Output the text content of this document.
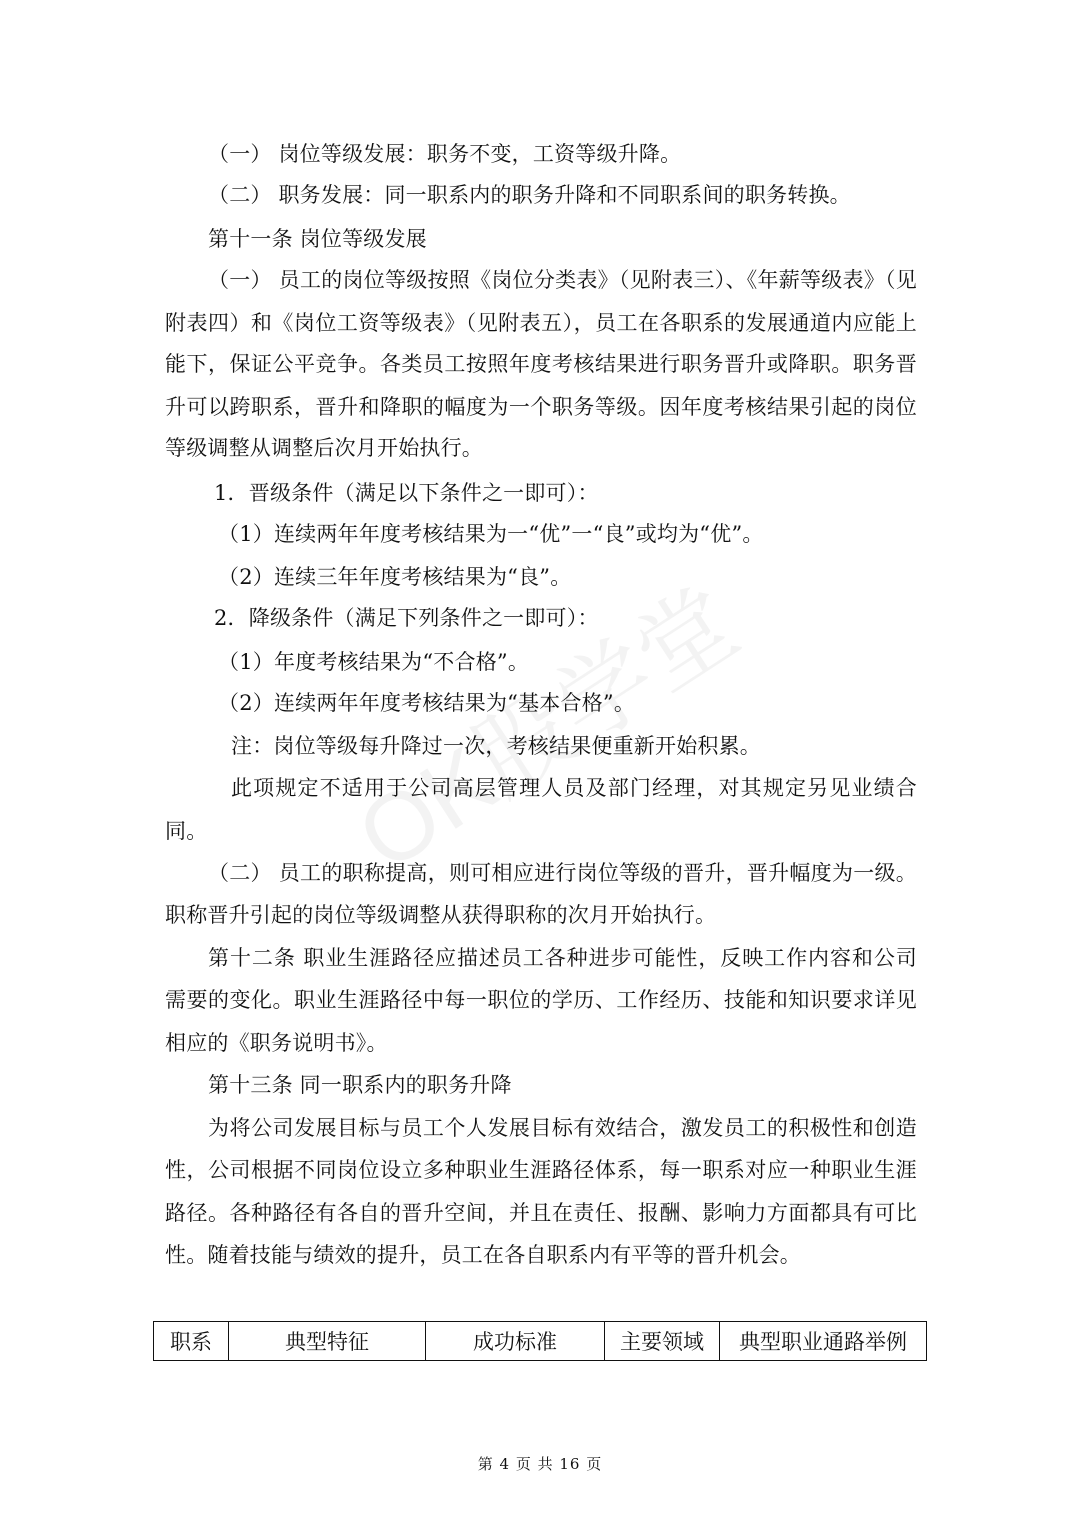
（一） 岗位等级发展：职务不变，工资等级升降。
（二） 职务发展：同一职系内的职务升降和不同职系间的职务转换。
第十一条 岗位等级发展
（一） 员工的岗位等级按照《岗位分类表》（见附表三）、《年薪等级表》（见
附表四）和《岗位工资等级表》（见附表五），员工在各职系的发展通道内应能上
能下，保证公平竞争。各类员工按照年度考核结果进行职务晋升或降职。职务晋
升可以跨职系，晋升和降职的幅度为一个职务等级。因年度考核结果引起的岗位
等级调整从调整后次月开始执行。
1．晋级条件（满足以下条件之一即可）：
（1）连续两年年度考核结果为一“优”一“良”或均为“优”。
（2）连续三年年度考核结果为“良”。
2．降级条件（满足下列条件之一即可）：
（1）年度考核结果为“不合格”。
（2）连续两年年度考核结果为“基本合格”。
注：岗位等级每升降过一次，考核结果便重新开始积累。
此项规定不适用于公司高层管理人员及部门经理，对其规定另见业绩合
同。
（二） 员工的职称提高，则可相应进行岗位等级的晋升，晋升幅度为一级。
职称晋升引起的岗位等级调整从获得职称的次月开始执行。
第十二条 职业生涯路径应描述员工各种进步可能性，反映工作内容和公司
需要的变化。职业生涯路径中每一职位的学历、工作经历、技能和知识要求详见
相应的《职务说明书》。
第十三条 同一职系内的职务升降
为将公司发展目标与员工个人发展目标有效结合，激发员工的积极性和创造
性，公司根据不同岗位设立多种职业生涯路径体系，每一职系对应一种职业生涯
路径。各种路径有各自的晋升空间，并且在责任、报酬、影响力方面都具有可比
性。随着技能与绩效的提升，员工在各自职系内有平等的晋升机会。
职系	典型特征	成功标准	主要领域	典型职业通路举例
第 4 页 共 16 页
